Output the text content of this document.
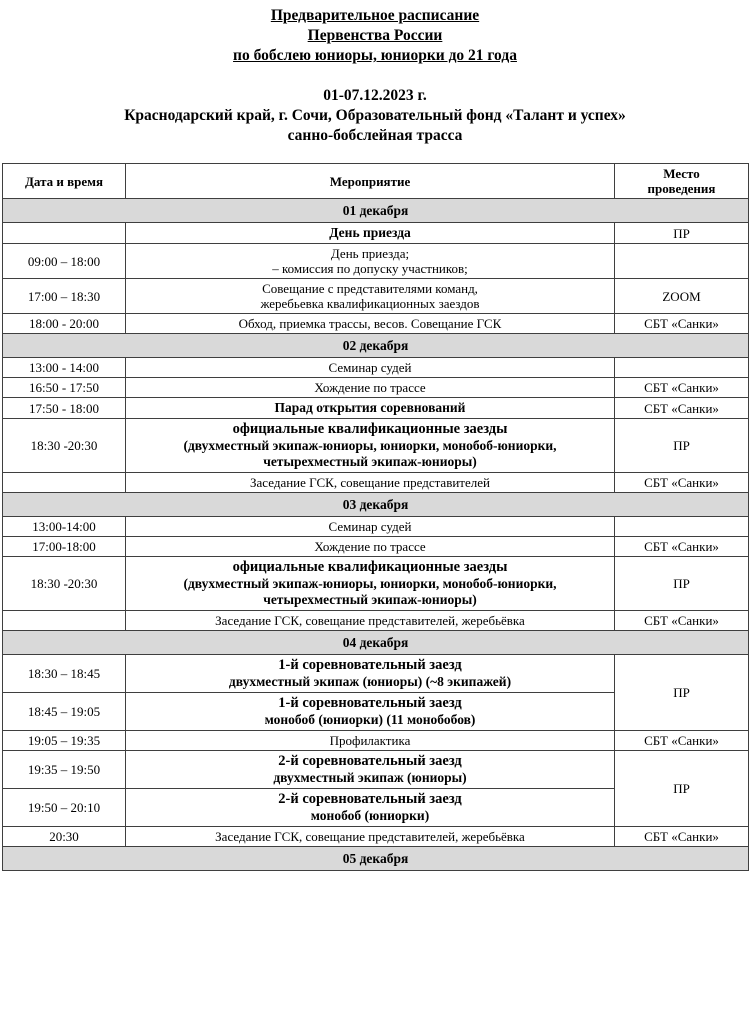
Предварительное расписание
Первенства России
по бобслею юниоры, юниорки до 21 года
01-07.12.2023 г.
Краснодарский край, г. Сочи, Образовательный фонд «Талант и успех»
санно-бобслейная трасса
Дата и время	Мероприятие	Место
проведения

01 декабря		

	День приезда	ПР
09:00 – 18:00	День приезда;
– комиссия по допуску участников;	

17:00 – 18:30	Совещание с представителями команд,
жеребьевка квалификационных заездов	ZOOM
18:00 - 20:00	Обход, приемка трассы, весов. Совещание ГСК	СБТ «Санки»
02 декабря		
13:00 - 14:00	Семинар судей	

16:50 - 17:50	Хождение по трассе	СБТ «Санки»
17:50 - 18:00	Парад открытия соревнований	СБТ «Санки»
18:30 -20:30	официальные квалификационные заезды
(двухместный экипаж-юниоры, юниорки, монобоб-юниорки,
четырехместный экипаж-юниоры)	ПР

	Заседание ГСК, совещание представителей	СБТ «Санки»
03 декабря		
13:00-14:00	Семинар судей	

17:00-18:00	Хождение по трассе	СБТ «Санки»
18:30 -20:30	официальные квалификационные заезды
(двухместный экипаж-юниоры, юниорки, монобоб-юниорки,
четырехместный экипаж-юниоры)	ПР

	Заседание ГСК, совещание представителей, жеребьёвка	СБТ «Санки»
04 декабря		
18:30 – 18:45	1-й соревновательный заезд
двухместный экипаж (юниоры) (~8 экипажей)	ПР
18:45 – 19:05	1-й соревновательный заезд
монобоб (юниорки) (11 монобобов)	

19:05 – 19:35	Профилактика	СБТ «Санки»
19:35 – 19:50	2-й соревновательный заезд
двухместный экипаж (юниоры)	ПР
19:50 – 20:10	2-й соревновательный заезд
монобоб (юниорки)	

20:30	Заседание ГСК, совещание представителей, жеребьёвка	СБТ «Санки»
05 декабря		
